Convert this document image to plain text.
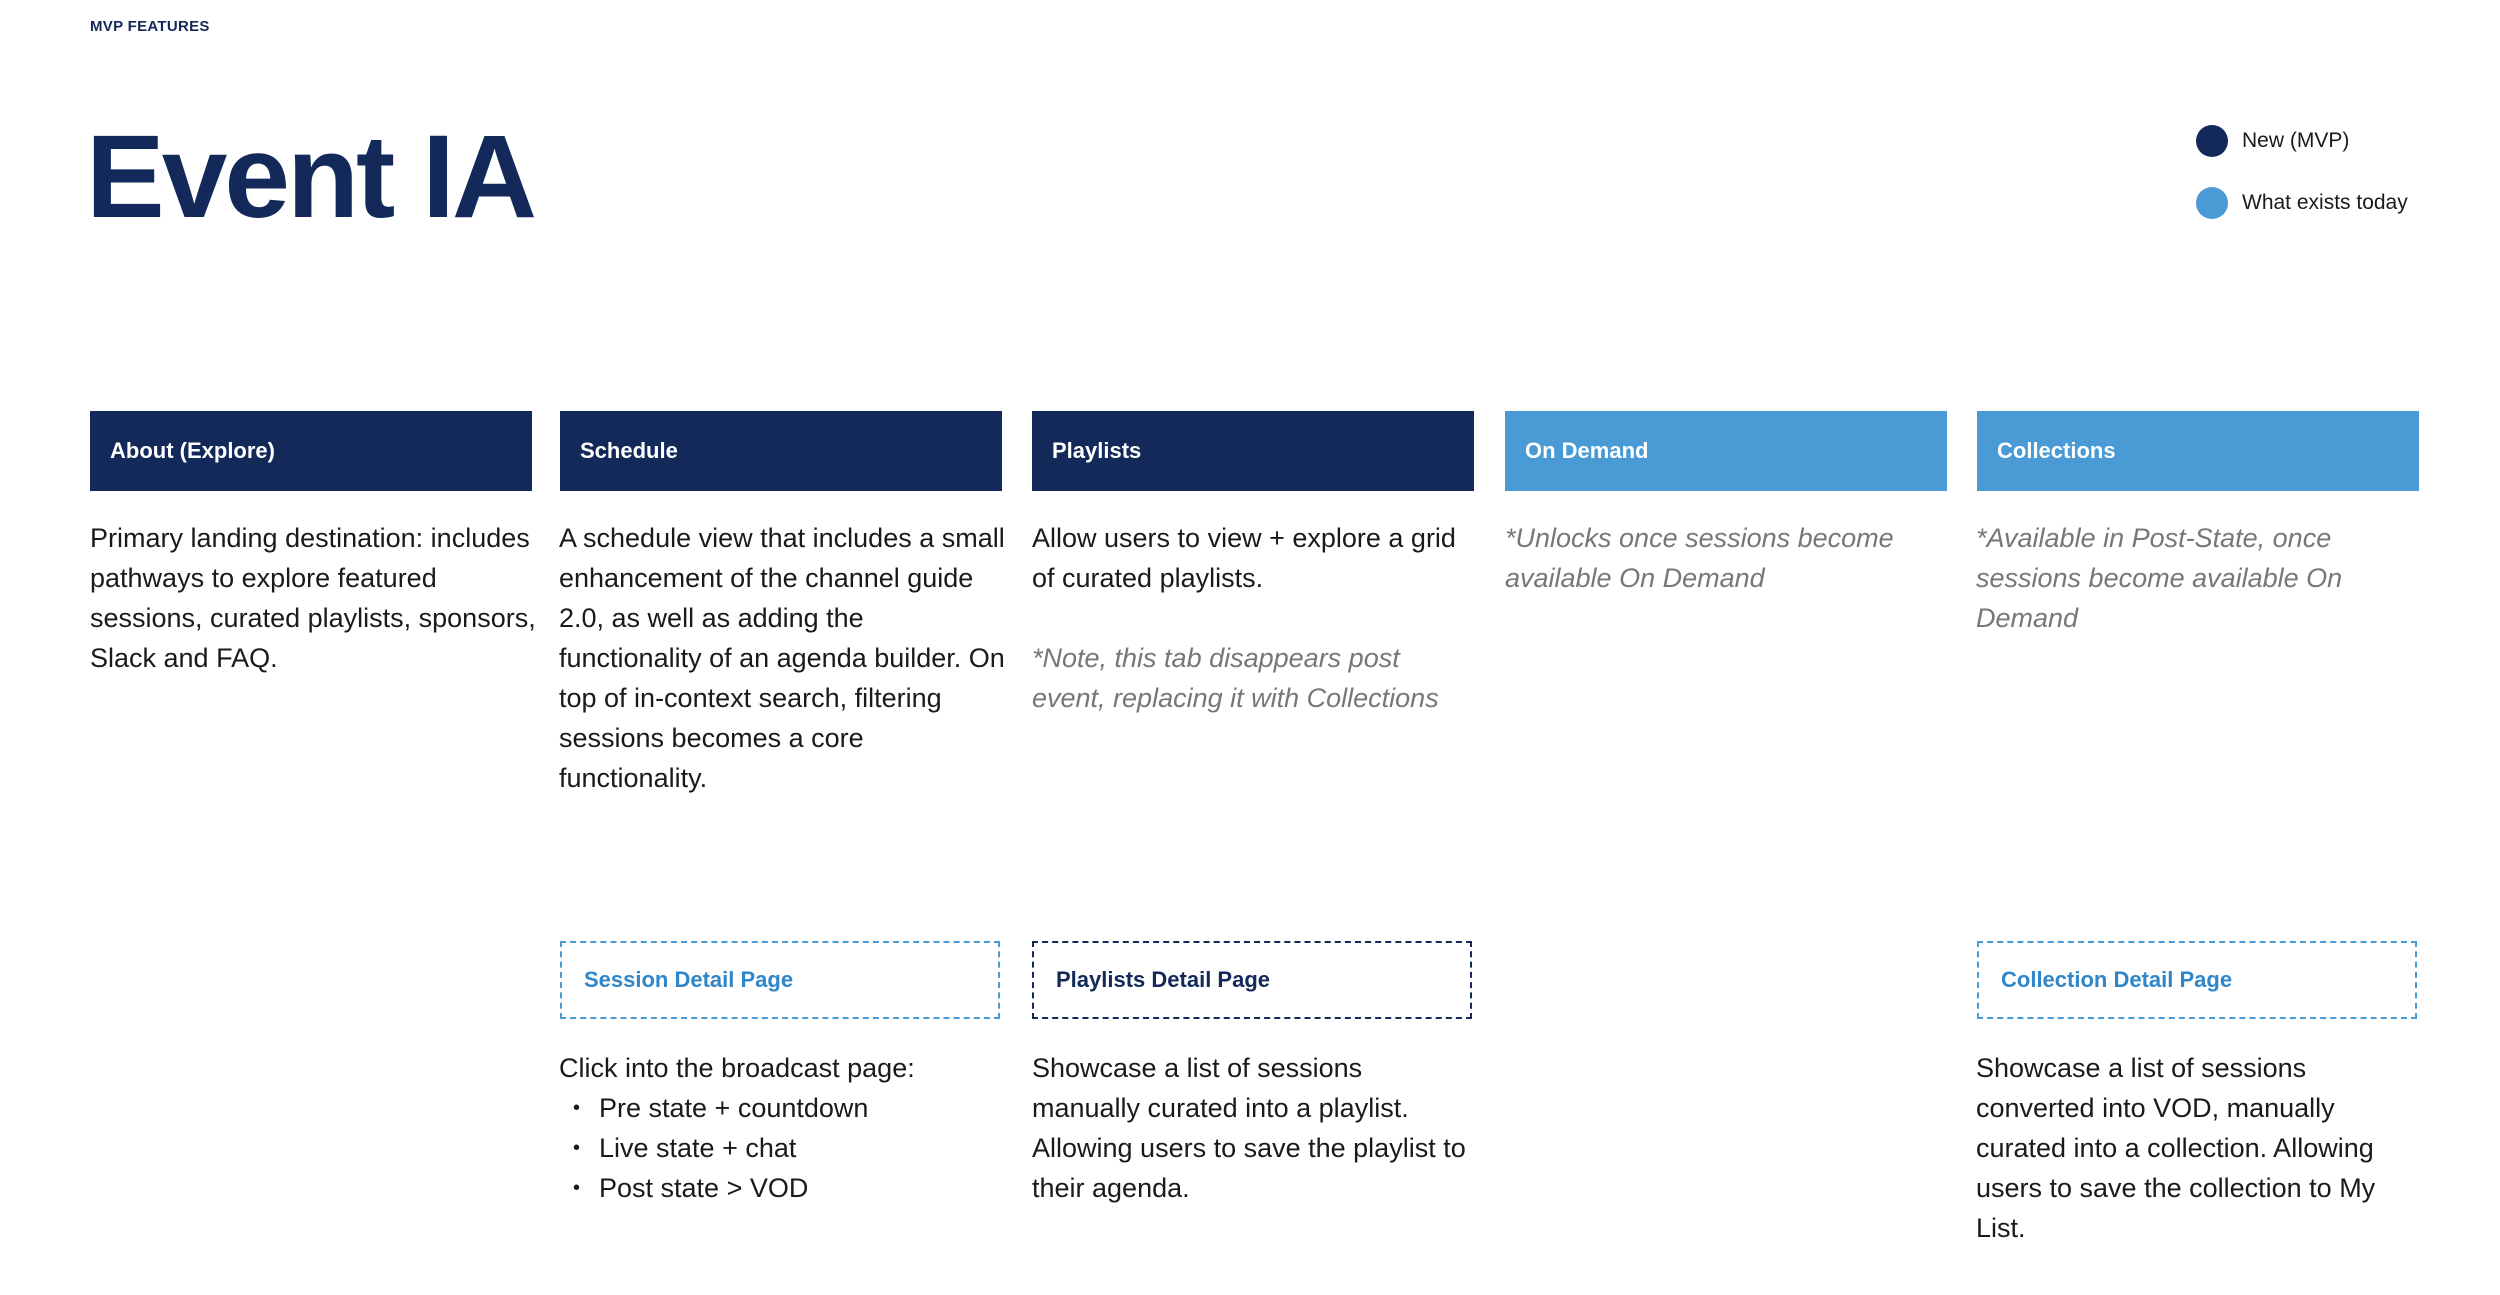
MVP FEATURES
Event IA	New (MVP)
What exists today
About (Explore)	Schedule	Playlists	On Demand	Collections

Primary landing destination: includes pathways to explore featured sessions, curated playlists, sponsors, Slack and FAQ.

A schedule view that includes a small enhancement of the channel guide 2.0, as well as adding the functionality of an agenda builder. On top of in-context search, filtering sessions becomes a core functionality.

Allow users to view + explore a grid of curated playlists.

*Note, this tab disappears post event, replacing it with Collections

*Unlocks once sessions become available On Demand

*Available in Post-State, once sessions become available On Demand

Session Detail Page	Playlists Detail Page	Collection Detail Page

Click into the broadcast page:

• Pre state + countdown
• Live state + chat
• Post state > VOD

Showcase a list of sessions manually curated into a playlist. Allowing users to save the playlist to their agenda.

Showcase a list of sessions converted into VOD, manually curated into a collection. Allowing users to save the collection to My List.
